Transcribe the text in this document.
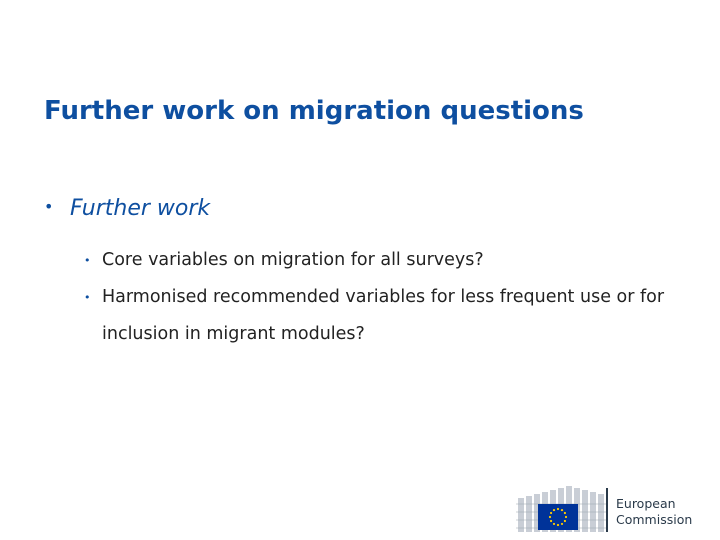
Further work on migration questions
• Further work
• Core variables on migration for all surveys?
• Harmonised recommended variables for less frequent use or for inclusion in migrant modules?
European
Commission
